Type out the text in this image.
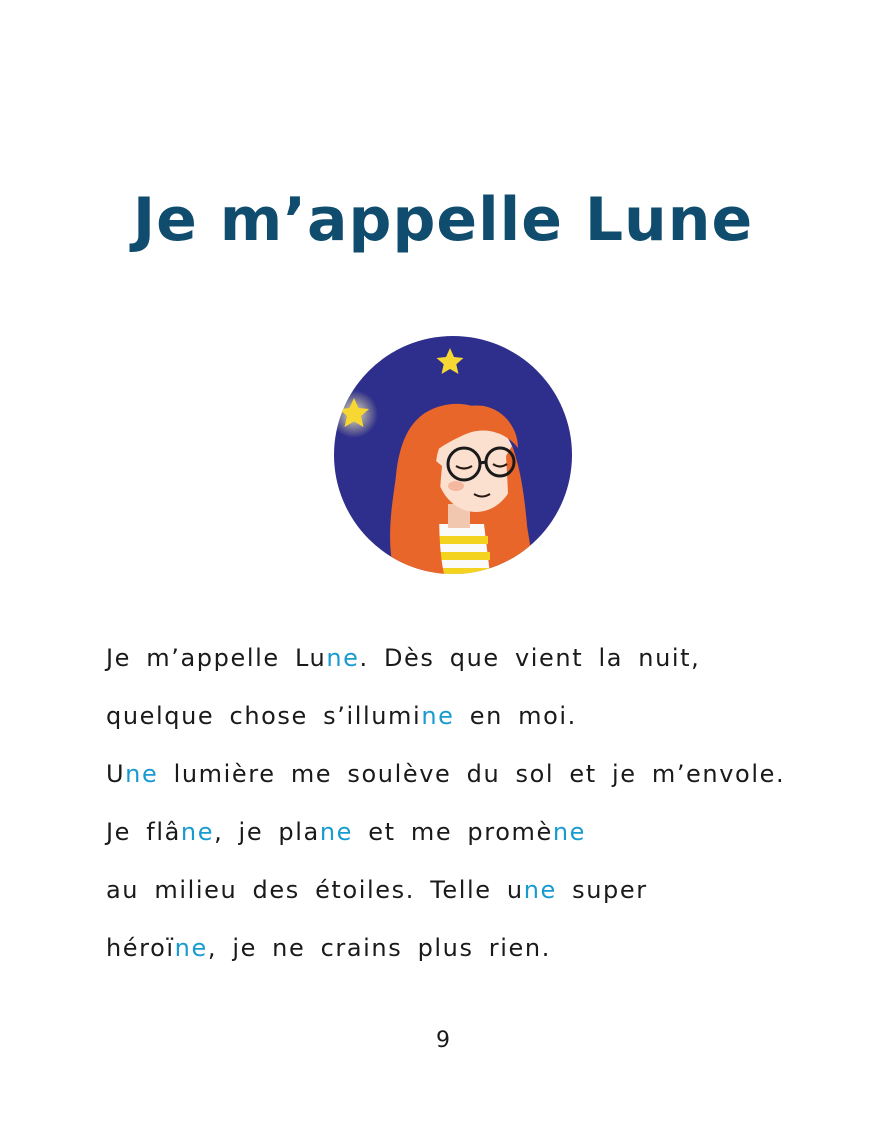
Je m’appelle Lune
Je m’appelle Lune. Dès que vient la nuit,
quelque chose s’illumine en moi.
Une lumière me soulève du sol et je m’envole.
Je flâne, je plane et me promène
au milieu des étoiles. Telle une super
héroïne, je ne crains plus rien.
9
